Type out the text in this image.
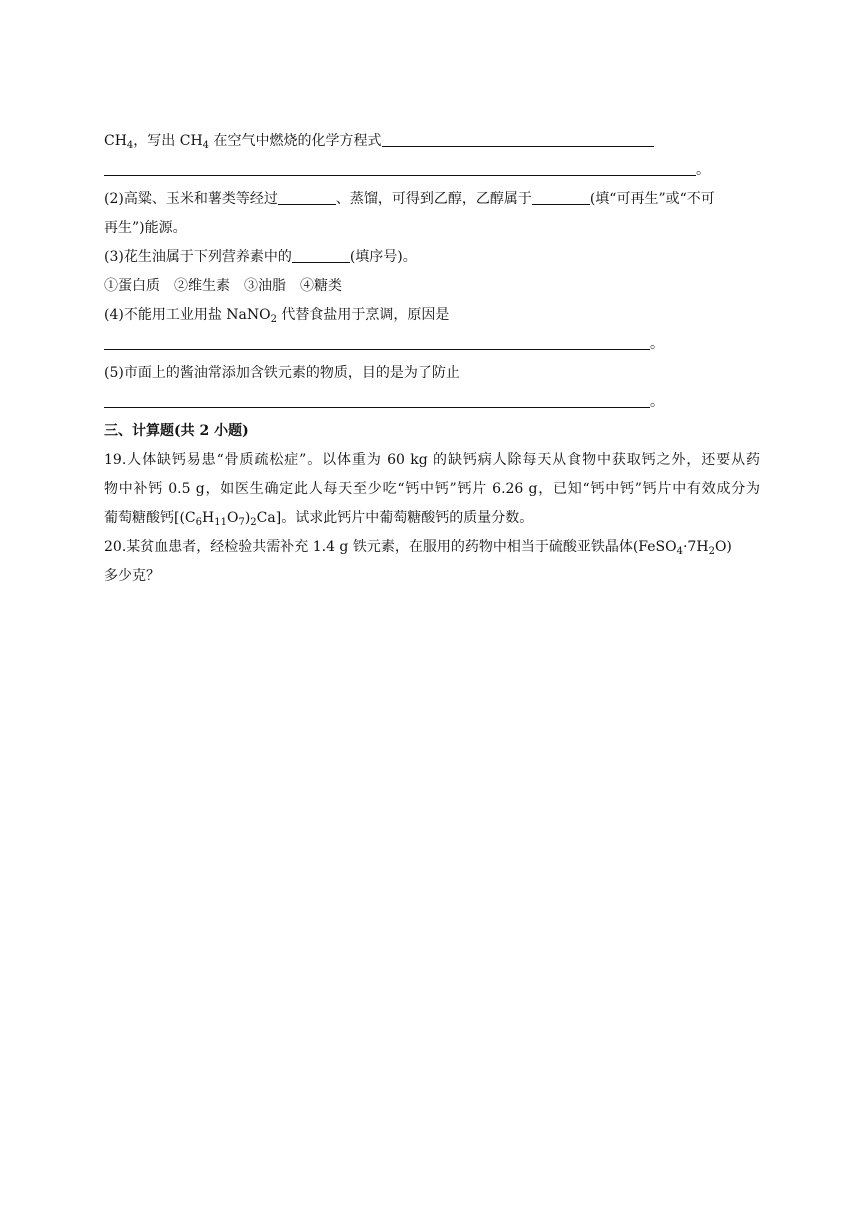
$CH_4$，写出 $CH_4$ 在空气中燃烧的化学方程式
。
(2)高粱、玉米和薯类等经过	、蒸馏，可得到乙醇，乙醇属于	(填“可再生”或“不可
再生”)能源。
(3)花生油属于下列营养素中的	(填序号)。
①蛋白质 ②维生素 ③油脂 ④糖类
(4)不能用工业用盐 NaNO$_2$ 代替食盐用于烹调，原因是
。
(5)市面上的酱油常添加含铁元素的物质，目的是为了防止
。
三、计算题(共 2 小题)
19.人体缺钙易患“骨质疏松症”。以体重为 60 kg 的缺钙病人除每天从食物中获取钙之外，还要从药
物中补钙 0.5 g，如医生确定此人每天至少吃“钙中钙”钙片 6.26 g，已知“钙中钙”钙片中有效成分为
葡萄糖酸钙$[(C_6H_{11}O_7)_2Ca]$。试求此钙片中葡萄糖酸钙的质量分数。
20.某贫血患者，经检验共需补充 1.4 g 铁元素，在服用的药物中相当于硫酸亚铁晶体$(FeSO_4\cdot 7H_2O)$
多少克？
